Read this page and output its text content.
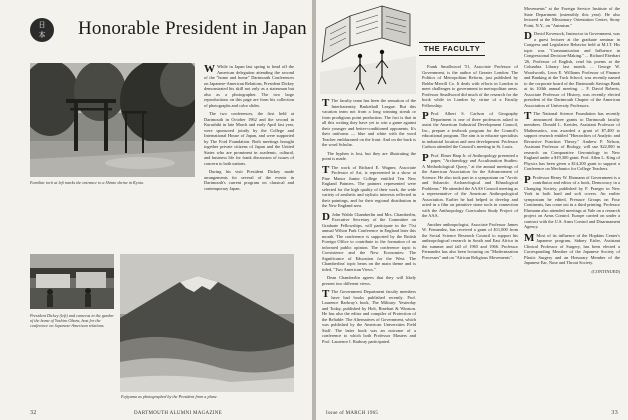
日
本	Honorable President in Japan
Familiar torii at left marks the entrance to a Shinto shrine in Kyoto.

W While in Japan last spring to head off the American delegation attending the second of the "home and home" Dartmouth Conferences on Japanese-American Relations, President Dickey demonstrated his skill not only as a statesman but also as a photographer. The two large reproductions on this page are from his collection of photographs and color slides.

The two conferences, the first held at Dartmouth in October 1962 and the second in Kurashiki in late March and early April last year, were sponsored jointly by the College and International House of Japan, and were supported by The Ford Foundation. Both meetings brought together private citizens of Japan and the United States who are prominent in academic, cultural, and business life for frank discussion of issues of concern to both nations.

During his visit President Dickey made arrangements for several of the events in Dartmouth's current program on classical and contemporary Japan.

President Dickey (left) and cameras in the garden of the home of Yoshiro Obara, host for the conference on Japanese-American relations.
Fujiyama as photographed by the President from a plane.
32	DARTMOUTH ALUMNI MAGAZINE
THE FACULTY

T The faculty team has been the sensation of the Interfraternity Basketball League. But this vacation team not from a long winning streak or from prodigious point production. The fact is that in all this writing they have yet to win a game against their younger and better-conditioned opponents. It's their uniforms — blue and white with the word Teacher emblazoned on the front. And on the back is the word Scholar.

The hyphen is lost, but they are illustrating the point is made.

T The work of Richard E. Wagner, Associate Professor of Art, is represented in a show at Pine Manor Junior College entitled Ten New England Painters. The painters represented were selected for the high quality of their work, the wide variety of aesthetic and stylistic interests reflected in their paintings, and for their regional distribution in the New England area.

D John Waldo Chamberlin and Mrs. Chamberlin, Executive Secretary of the Committee on Graduate Fellowships, will participate in the 71st annual Wilton Park Conference in England later this month. The conference is supported by the British Foreign Office to contribute to the formation of an informed public opinion. The conference topic is Coexistence and the New Economies: The Significance of Education for the West. The Chamberlins' topic bears on the main theme and is titled, "Two American Views."

Dean Chamberlin agrees that they will likely present two different views.

T The Government Department faculty members have had books published recently. Prof. Laurence Radway's book, The Military: Yesterday and Today, published by Holt, Rinehart & Winston. He has also the editor and compiler of Protection of the Reliable: The Alternatives of Government, which was published by the American Universities Field Staff. The latter book was an outcome of a conference to which both Professor Masters and Prof. Laurence I. Radway participated.

Frank Smallwood '51, Associate Professor of Government, is the author of Greater London: The Politics of Metropolitan Reform, just published by Bobbs-Merrill Co. It deals with efforts in London to meet challenges to government in metropolitan areas. Professor Smallwood did much of the research for the book while in London by virtue of a Faculty Fellowship.

P Prof. Albert S. Carlson of Geography Department is one of three professors asked to assist the American Industrial Development Council, Inc., prepare a textbook program for the Council's educational program. The aim is to educate specialists in industrial location and area development. Professor Carlson attended the Council's meeting in St. Louis.

P Prof. Elmer Harp Jr. of Anthropology presented a paper, "Archaeology and Acculturation Studies: A Methodological Query," at the annual meetings of the American Association for the Advancement of Science. He also took part in a symposium on "Arctic and Subarctic Archaeological and Ethnological Problems." He attended the AAAS Council meeting as a representative of the American Anthropological Association. Earlier he had helped to develop and acted in a film on primitive stone tools in connection with the Anthropology Curriculum Study Project of the AAA.

Another anthropologist, Associate Professor James W. Fernandez, has received a grant of $11,000 from the Social Science Research Council to support his anthropological research in South and East Africa in the summer and fall of 1965 and 1966. Professor Fernandez has also been lecturing on "Modernization Processes" and on "African Religious Movements".

Movements" at the Foreign Service Institute of the State Department (ostensibly this year). He also lectured at the Missionary Orientation Center, Stony Point, N.Y., on "Animism."

D David Kovenock, Instructor in Government, was a guest lecturer at the graduate seminar in Congress and Legislative Behavior held at M.I.T. His topic was "Communication and Influence in Congressional Decision-Making." ... Richard Eberhart '26, Professor of English, read his poems at the Columbia Library last month. ... George W. Woodworth, Leon E. Williams Professor of Finance and Banking at the Tuck School, was recently named to the corporate board of the Dartmouth Savings Bank at its 104th annual meeting. ... F. David Roberts, Associate Professor of History, was recently elected president of the Dartmouth Chapter of the American Association of University Professors.

T The National Science Foundation has recently announced three grants to Dartmouth faculty members. Donald L. Kreider, Assistant Professor of Mathematics, was awarded a grant of $7,400 to support research entitled "Hierarchies of Analytic and Recursive Function Theory." Andrew P. Nelson, Assistant Professor of Biology, will use $22,000 in research on Comparative Gerontology in New England under a $19,300 grant. Prof. Allen L. King of Physics has been given a $14,200 grant to support a Conference on Mechanics for College Teachers.

P Professor Henry W. Ehrmann of Government is a contributor and editor of a book, Democracy in a Changing Society, published by F. Praeger in New York in both hard and soft covers. An earlier symposium he edited, Pressure Groups on Four Continents, has come out in a third printing. Professor Ehrmann also attended meetings at Yale on a research project on Arms Control. Europe carried on under a contract with the U.S. Arms Control and Disarmament Agency.

M Most of its influence of the Hopkins Center's Japanese program, Sidney Eisler, Assistant Clinical Professor of Surgery, has been elected a Corresponding Member of the Japanese Society of Plastic Surgery and an Honorary Member of the Japanese Ear, Nose and Throat Society.

(CONTINUED)

Issue of MARCH 1965	33
